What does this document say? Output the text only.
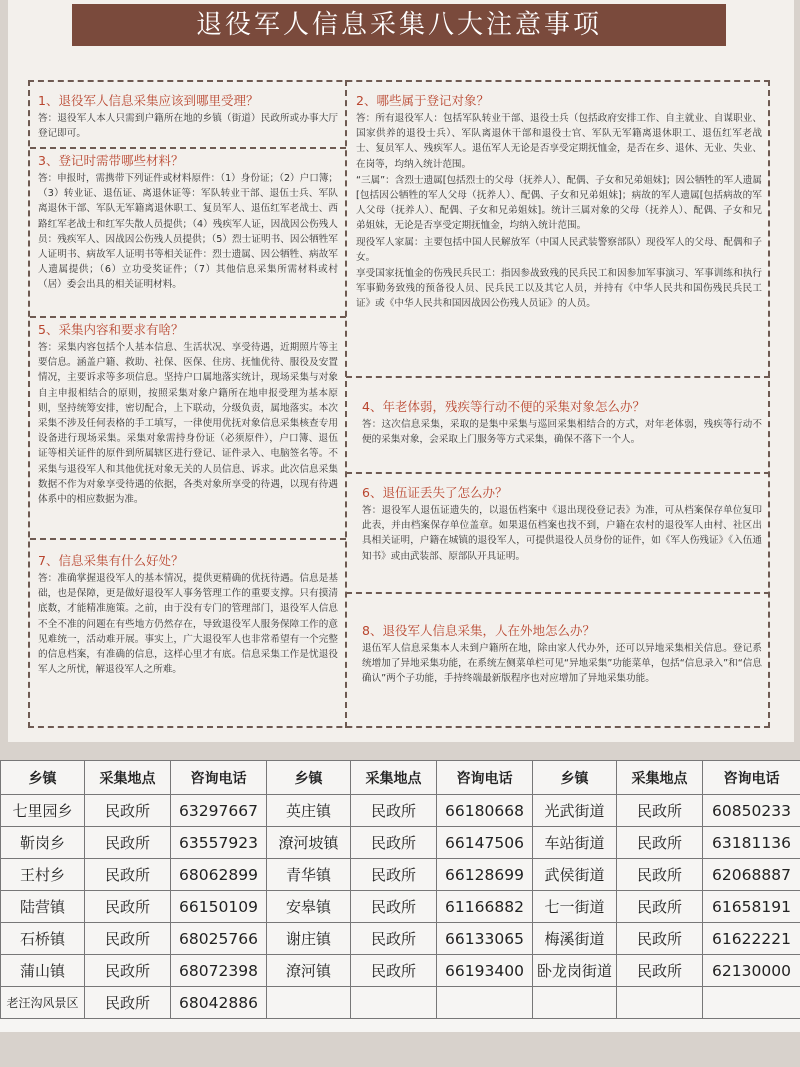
退役军人信息采集八大注意事项
1、退役军人信息采集应该到哪里受理？

答：退役军人本人只需到户籍所在地的乡镇（街道）民政所或办事大厅登记即可。

3、登记时需带哪些材料？

答：申报时，需携带下列证件或材料原件：（1）身份证；（2）户口簿；（3）转业证、退伍证、离退休证等：军队转业干部、退伍士兵、军队离退休干部、军队无军籍离退休职工、复员军人、退伍红军老战士、西路红军老战士和红军失散人员提供；（4）残疾军人证，因战因公伤残人员：残疾军人、因战因公伤残人员提供；（5）烈士证明书、因公牺牲军人证明书、病故军人证明书等相关证件：烈士遗属、因公牺牲、病故军人遗属提供；（6）立功受奖证件；（7）其他信息采集所需材料或村（居）委会出具的相关证明材料。

5、采集内容和要求有啥？

答：采集内容包括个人基本信息、生活状况、享受待遇，近期照片等主要信息。涵盖户籍、救助、社保、医保、住房、抚恤优待、服役及安置情况，主要诉求等多项信息。坚持户口属地落实统计，现场采集与对象自主申报相结合的原则，按照采集对象户籍所在地申报受理为基本原则，坚持统筹安排，密切配合，上下联动，分级负责，属地落实。本次采集不涉及任何表格的手工填写，一律使用优抚对象信息采集核查专用设备进行现场采集。采集对象需持身份证（必须原件），户口簿、退伍证等相关证件的原件到所属辖区进行登记、证件录入、电脑签名等。不采集与退役军人和其他优抚对象无关的人员信息、诉求。此次信息采集数据不作为对象享受待遇的依据，各类对象所享受的待遇，以现有待遇体系中的相应数据为准。

7、信息采集有什么好处？

答：准确掌握退役军人的基本情况，提供更精确的优抚待遇。信息是基础，也是保障，更是做好退役军人事务管理工作的重要支撑。只有摸清底数，才能精准施策。之前，由于没有专门的管理部门，退役军人信息不全不准的问题在有些地方仍然存在，导致退役军人服务保障工作的意见难统一，活动难开展。事实上，广大退役军人也非常希望有一个完整的信息档案，有准确的信息，这样心里才有底。信息采集工作是忧退役军人之所忧，解退役军人之所难。

2、哪些属于登记对象？

答：所有退役军人：包括军队转业干部、退役士兵（包括政府安排工作、自主就业、自谋职业、国家供养的退役士兵）、军队离退休干部和退役士官、军队无军籍离退休职工、退伍红军老战士、复员军人、残疾军人。退伍军人无论是否享受定期抚恤金，是否在乡、退休、无业、失业、在岗等，均纳入统计范围。

“三属”：含烈士遗属[包括烈士的父母（抚养人）、配偶、子女和兄弟姐妹]；因公牺牲的军人遗属[包括因公牺牲的军人父母（抚养人）、配偶、子女和兄弟姐妹]；病故的军人遗属[包括病故的军人父母（抚养人）、配偶、子女和兄弟姐妹]。统计三属对象的父母（抚养人）、配偶、子女和兄弟姐妹，无论是否享受定期抚恤金，均纳入统计范围。

现役军人家属：主要包括中国人民解放军（中国人民武装警察部队）现役军人的父母、配偶和子女。

享受国家抚恤金的伤残民兵民工：指因参战致残的民兵民工和因参加军事演习、军事训练和执行军事勤务致残的预备役人员、民兵民工以及其它人员，并持有《中华人民共和国伤残民兵民工证》或《中华人民共和国因战因公伤残人员证》的人员。

4、年老体弱，残疾等行动不便的采集对象怎么办？

答：这次信息采集，采取的是集中采集与巡回采集相结合的方式，对年老体弱，残疾等行动不便的采集对象，会采取上门服务等方式采集，确保不落下一个人。

6、退伍证丢失了怎么办？

答：退役军人退伍证遗失的，以退伍档案中《退出现役登记表》为准，可从档案保存单位复印此表，并由档案保存单位盖章。如果退伍档案也找不到，户籍在农村的退役军人由村、社区出具相关证明，户籍在城镇的退役军人，可提供退役人员身份的证件，如《军人伤残证》《入伍通知书》或由武装部、原部队开具证明。

8、退役军人信息采集，人在外地怎么办？

退伍军人信息采集本人未到户籍所在地，除由家人代办外，还可以异地采集相关信息。登记系统增加了异地采集功能，在系统左侧菜单栏可见“异地采集”功能菜单，包括“信息录入”和“信息确认”两个子功能，手持终端最新版程序也对应增加了异地采集功能。

乡镇	采集地点	咨询电话	乡镇	采集地点	咨询电话	乡镇	采集地点	咨询电话
七里园乡	民政所	63297667	英庄镇	民政所	66180668	光武街道	民政所	60850233
靳岗乡	民政所	63557923	潦河坡镇	民政所	66147506	车站街道	民政所	63181136
王村乡	民政所	68062899	青华镇	民政所	66128699	武侯街道	民政所	62068887
陆营镇	民政所	66150109	安皋镇	民政所	61166882	七一街道	民政所	61658191
石桥镇	民政所	68025766	谢庄镇	民政所	66133065	梅溪街道	民政所	61622221
蒲山镇	民政所	68072398	潦河镇	民政所	66193400	卧龙岗街道	民政所	62130000
老汪沟风景区	民政所	68042886						
